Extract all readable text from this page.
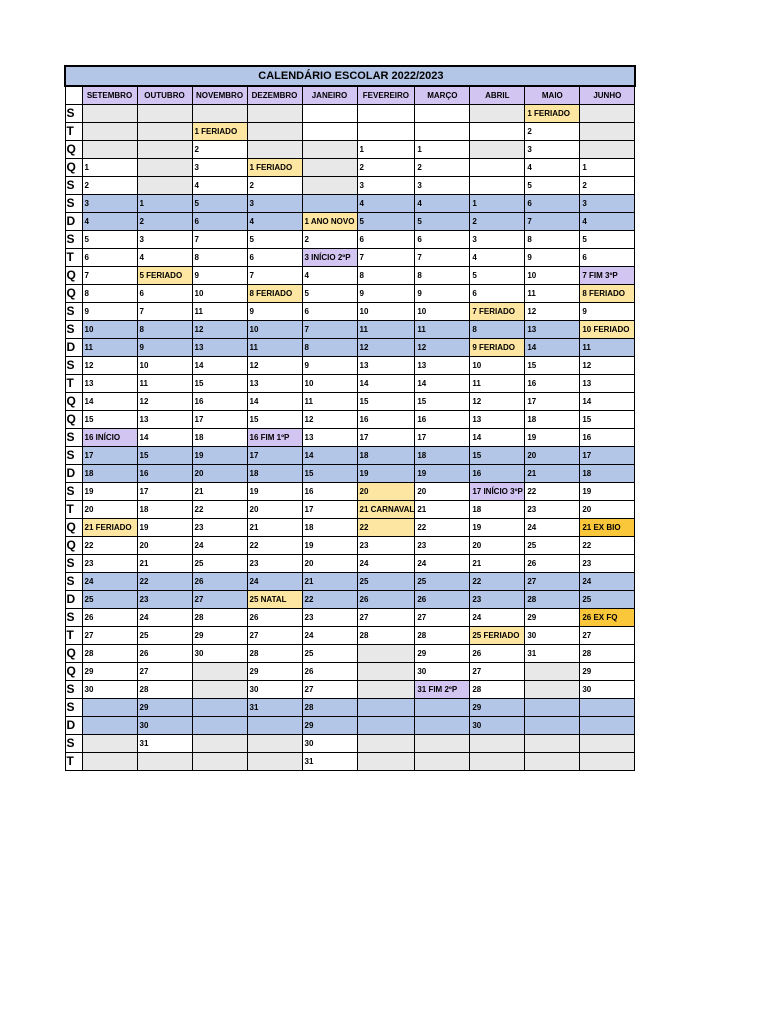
CALENDÁRIO ESCOLAR 2022/2023										
	SETEMBRO	OUTUBRO	NOVEMBRO	DEZEMBRO	JANEIRO	FEVEREIRO	MARÇO	ABRIL	MAIO	JUNHO
S									1 FERIADO	
T			1 FERIADO						2	
Q			2			1	1		3	
Q	1		3	1 FERIADO		2	2		4	1
S	2		4	2		3	3		5	2
S	3	1	5	3		4	4	1	6	3
D	4	2	6	4	1 ANO NOVO	5	5	2	7	4
S	5	3	7	5	2	6	6	3	8	5
T	6	4	8	6	3 INÍCIO 2ºP	7	7	4	9	6
Q	7	5 FERIADO	9	7	4	8	8	5	10	7 FIM 3ºP
Q	8	6	10	8 FERIADO	5	9	9	6	11	8 FERIADO
S	9	7	11	9	6	10	10	7 FERIADO	12	9
S	10	8	12	10	7	11	11	8	13	10 FERIADO
D	11	9	13	11	8	12	12	9 FERIADO	14	11
S	12	10	14	12	9	13	13	10	15	12
T	13	11	15	13	10	14	14	11	16	13
Q	14	12	16	14	11	15	15	12	17	14
Q	15	13	17	15	12	16	16	13	18	15
S	16 INÍCIO	14	18	16 FIM 1ºP	13	17	17	14	19	16
S	17	15	19	17	14	18	18	15	20	17
D	18	16	20	18	15	19	19	16	21	18
S	19	17	21	19	16	20	20	17 INÍCIO 3ºP	22	19
T	20	18	22	20	17	21 CARNAVAL	21	18	23	20
Q	21 FERIADO	19	23	21	18	22	22	19	24	21 EX BIO
Q	22	20	24	22	19	23	23	20	25	22
S	23	21	25	23	20	24	24	21	26	23
S	24	22	26	24	21	25	25	22	27	24
D	25	23	27	25 NATAL	22	26	26	23	28	25
S	26	24	28	26	23	27	27	24	29	26 EX FQ
T	27	25	29	27	24	28	28	25 FERIADO	30	27
Q	28	26	30	28	25		29	26	31	28
Q	29	27		29	26		30	27		29
S	30	28		30	27		31 FIM 2ºP	28		30
S		29		31	28			29		
D		30			29			30		
S		31			30					
T					31					
